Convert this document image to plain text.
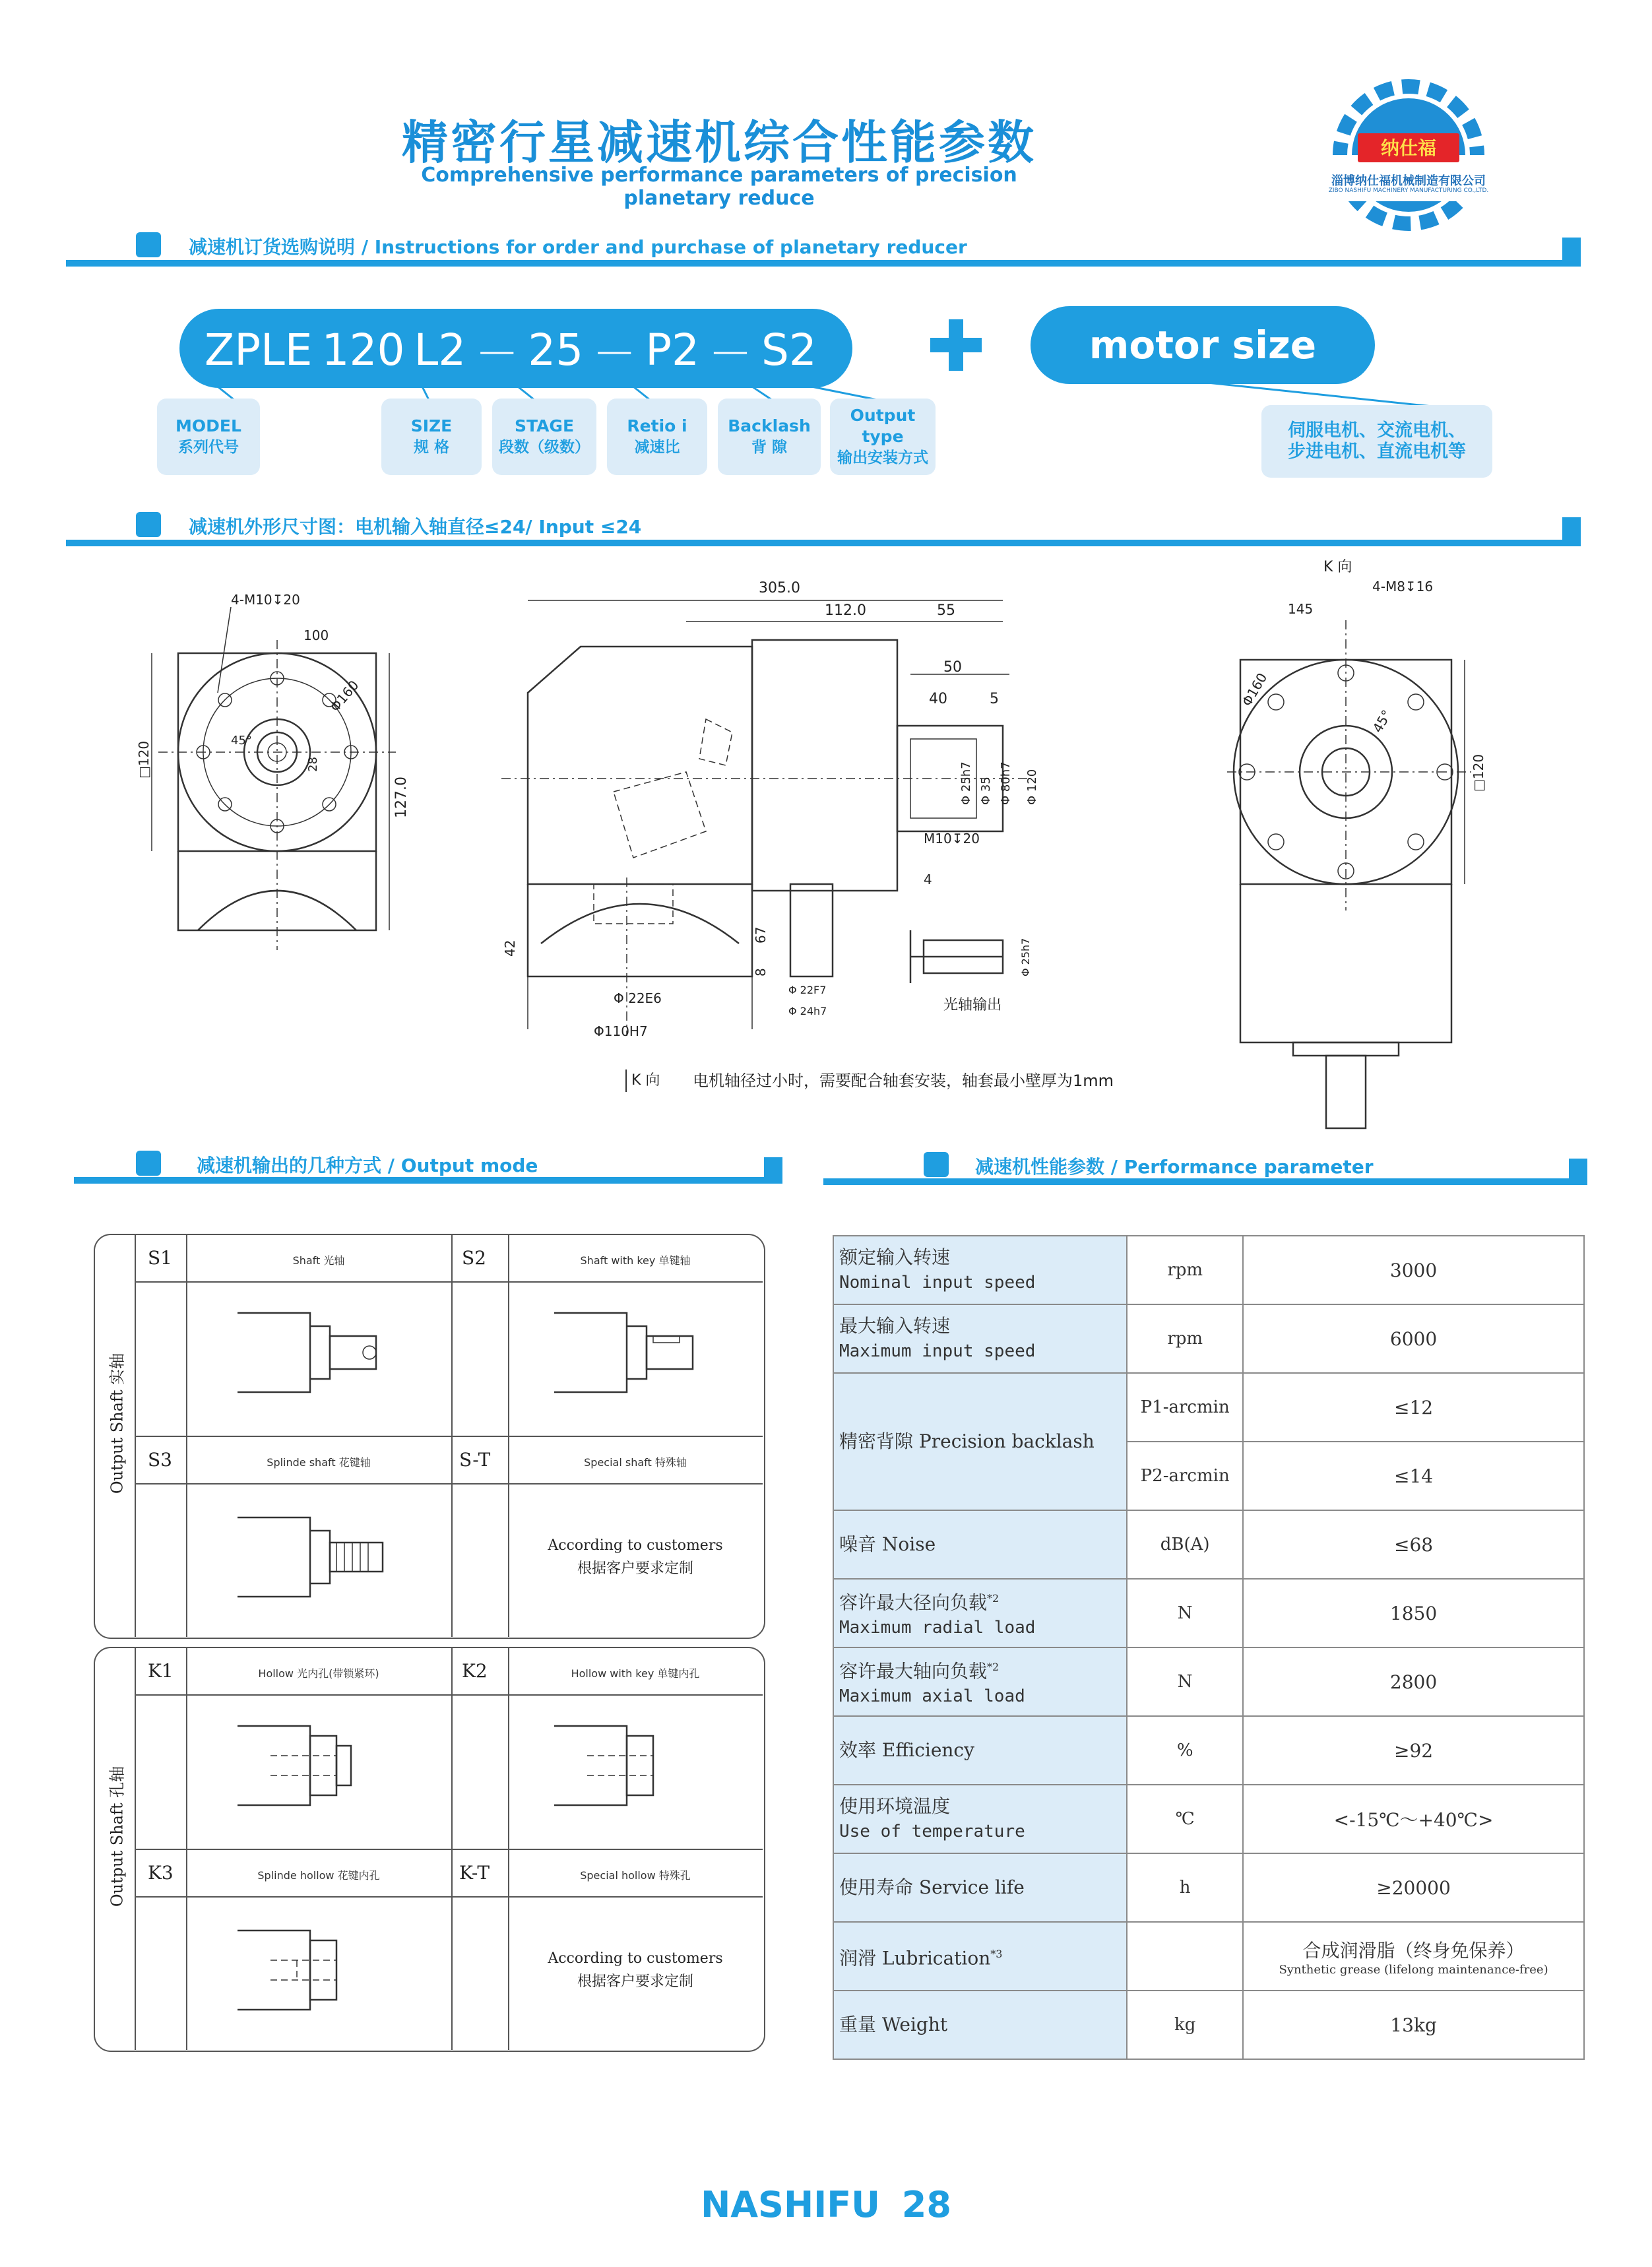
精密行星减速机综合性能参数
Comprehensive performance parameters of precision planetary reduce
纳仕福
淄博纳仕福机械制造有限公司
ZIBO NASHIFU MACHINERY MANUFACTURING CO.,LTD.
减速机订货选购说明 / Instructions for order and purchase of planetary reducer
ZPLE 120 L2 － 25 － P2 － S2	motor size
MODEL
系列代号
SIZE
规 格
STAGE
段数（级数）
Retio i
减速比
Backlash
背 隙
Output type
输出安装方式
伺服电机、交流电机、
步进电机、直流电机等
减速机外形尺寸图：电机输入轴直径≤24/ Input ≤24
4-M10↧20
100
Φ160
45°
28
□120
127.0
305.0
112.0	55
50
40	5
Φ 22E6
Φ110H7
42
67
8
Φ 25h7 Φ 35 Φ 80h7 Φ 120
M10↧20
4
Φ 22F7
Φ 24h7
Φ 25h7
光轴输出
K 向 电机轴径过小时，需要配合轴套安装，轴套最小壁厚为1mm
K 向
4-M8↧16
145
Φ160
45°
□120
减速机输出的几种方式 / Output mode
Output Shaft 实轴
S1	Shaft 光轴	S2	Shaft with key 单键轴
S3	Splinde shaft 花键轴	S-T	Special shaft 特殊轴
According to customers
根据客户要求定制
Output Shaft 孔轴
K1	Hollow 光内孔(带锁紧环)	K2	Hollow with key 单键内孔
K3	Splinde hollow 花键内孔	K-T	Special hollow 特殊孔
According to customers
根据客户要求定制
减速机性能参数 / Performance parameter
额定输入转速
Nominal input speed	rpm	3000

最大输入转速
Maximum input speed	rpm	6000
精密背隙 Precision backlash	P1-arcmin	≤12
	P2-arcmin	≤14
噪音 Noise	dB(A)	≤68

容许最大径向负载$^{*2}$
Maximum radial load	N	1850

容许最大轴向负载$^{*2}$
Maximum axial load	N	2800
效率 Efficiency	%	≥92

使用环境温度
Use of temperature	℃	<-15℃～+40℃>
使用寿命 Service life	h	≥20000
润滑 Lubrication$^{*3}$		合成润滑脂（终身免保养）
Synthetic grease (lifelong maintenance-free)

重量 Weight	kg	13kg
NASHIFU 28
